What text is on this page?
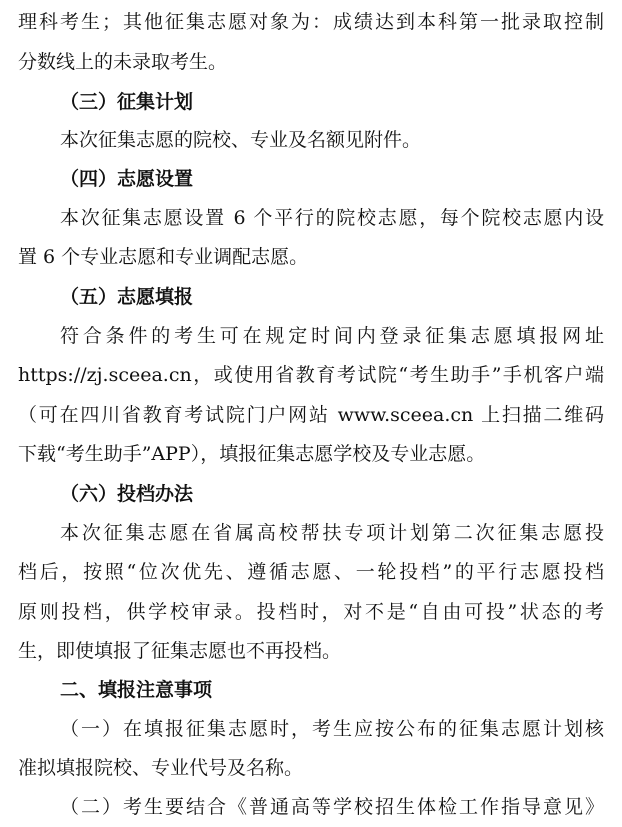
理科考生；其他征集志愿对象为：成绩达到本科第一批录取控制
分数线上的未录取考生。
（三）征集计划
本次征集志愿的院校、专业及名额见附件。
（四）志愿设置
本次征集志愿设置 6 个平行的院校志愿，每个院校志愿内设
置 6 个专业志愿和专业调配志愿。
（五）志愿填报
符合条件的考生可在规定时间内登录征集志愿填报网址
https://zj.sceea.cn，或使用省教育考试院“考生助手”手机客户端
（可在四川省教育考试院门户网站 www.sceea.cn 上扫描二维码
下载“考生助手”APP），填报征集志愿学校及专业志愿。
（六）投档办法
本次征集志愿在省属高校帮扶专项计划第二次征集志愿投
档后，按照“位次优先、遵循志愿、一轮投档”的平行志愿投档
原则投档，供学校审录。投档时，对不是“自由可投”状态的考
生，即使填报了征集志愿也不再投档。
二、填报注意事项
（一）在填报征集志愿时，考生应按公布的征集志愿计划核
准拟填报院校、专业代号及名称。
（二）考生要结合《普通高等学校招生体检工作指导意见》
